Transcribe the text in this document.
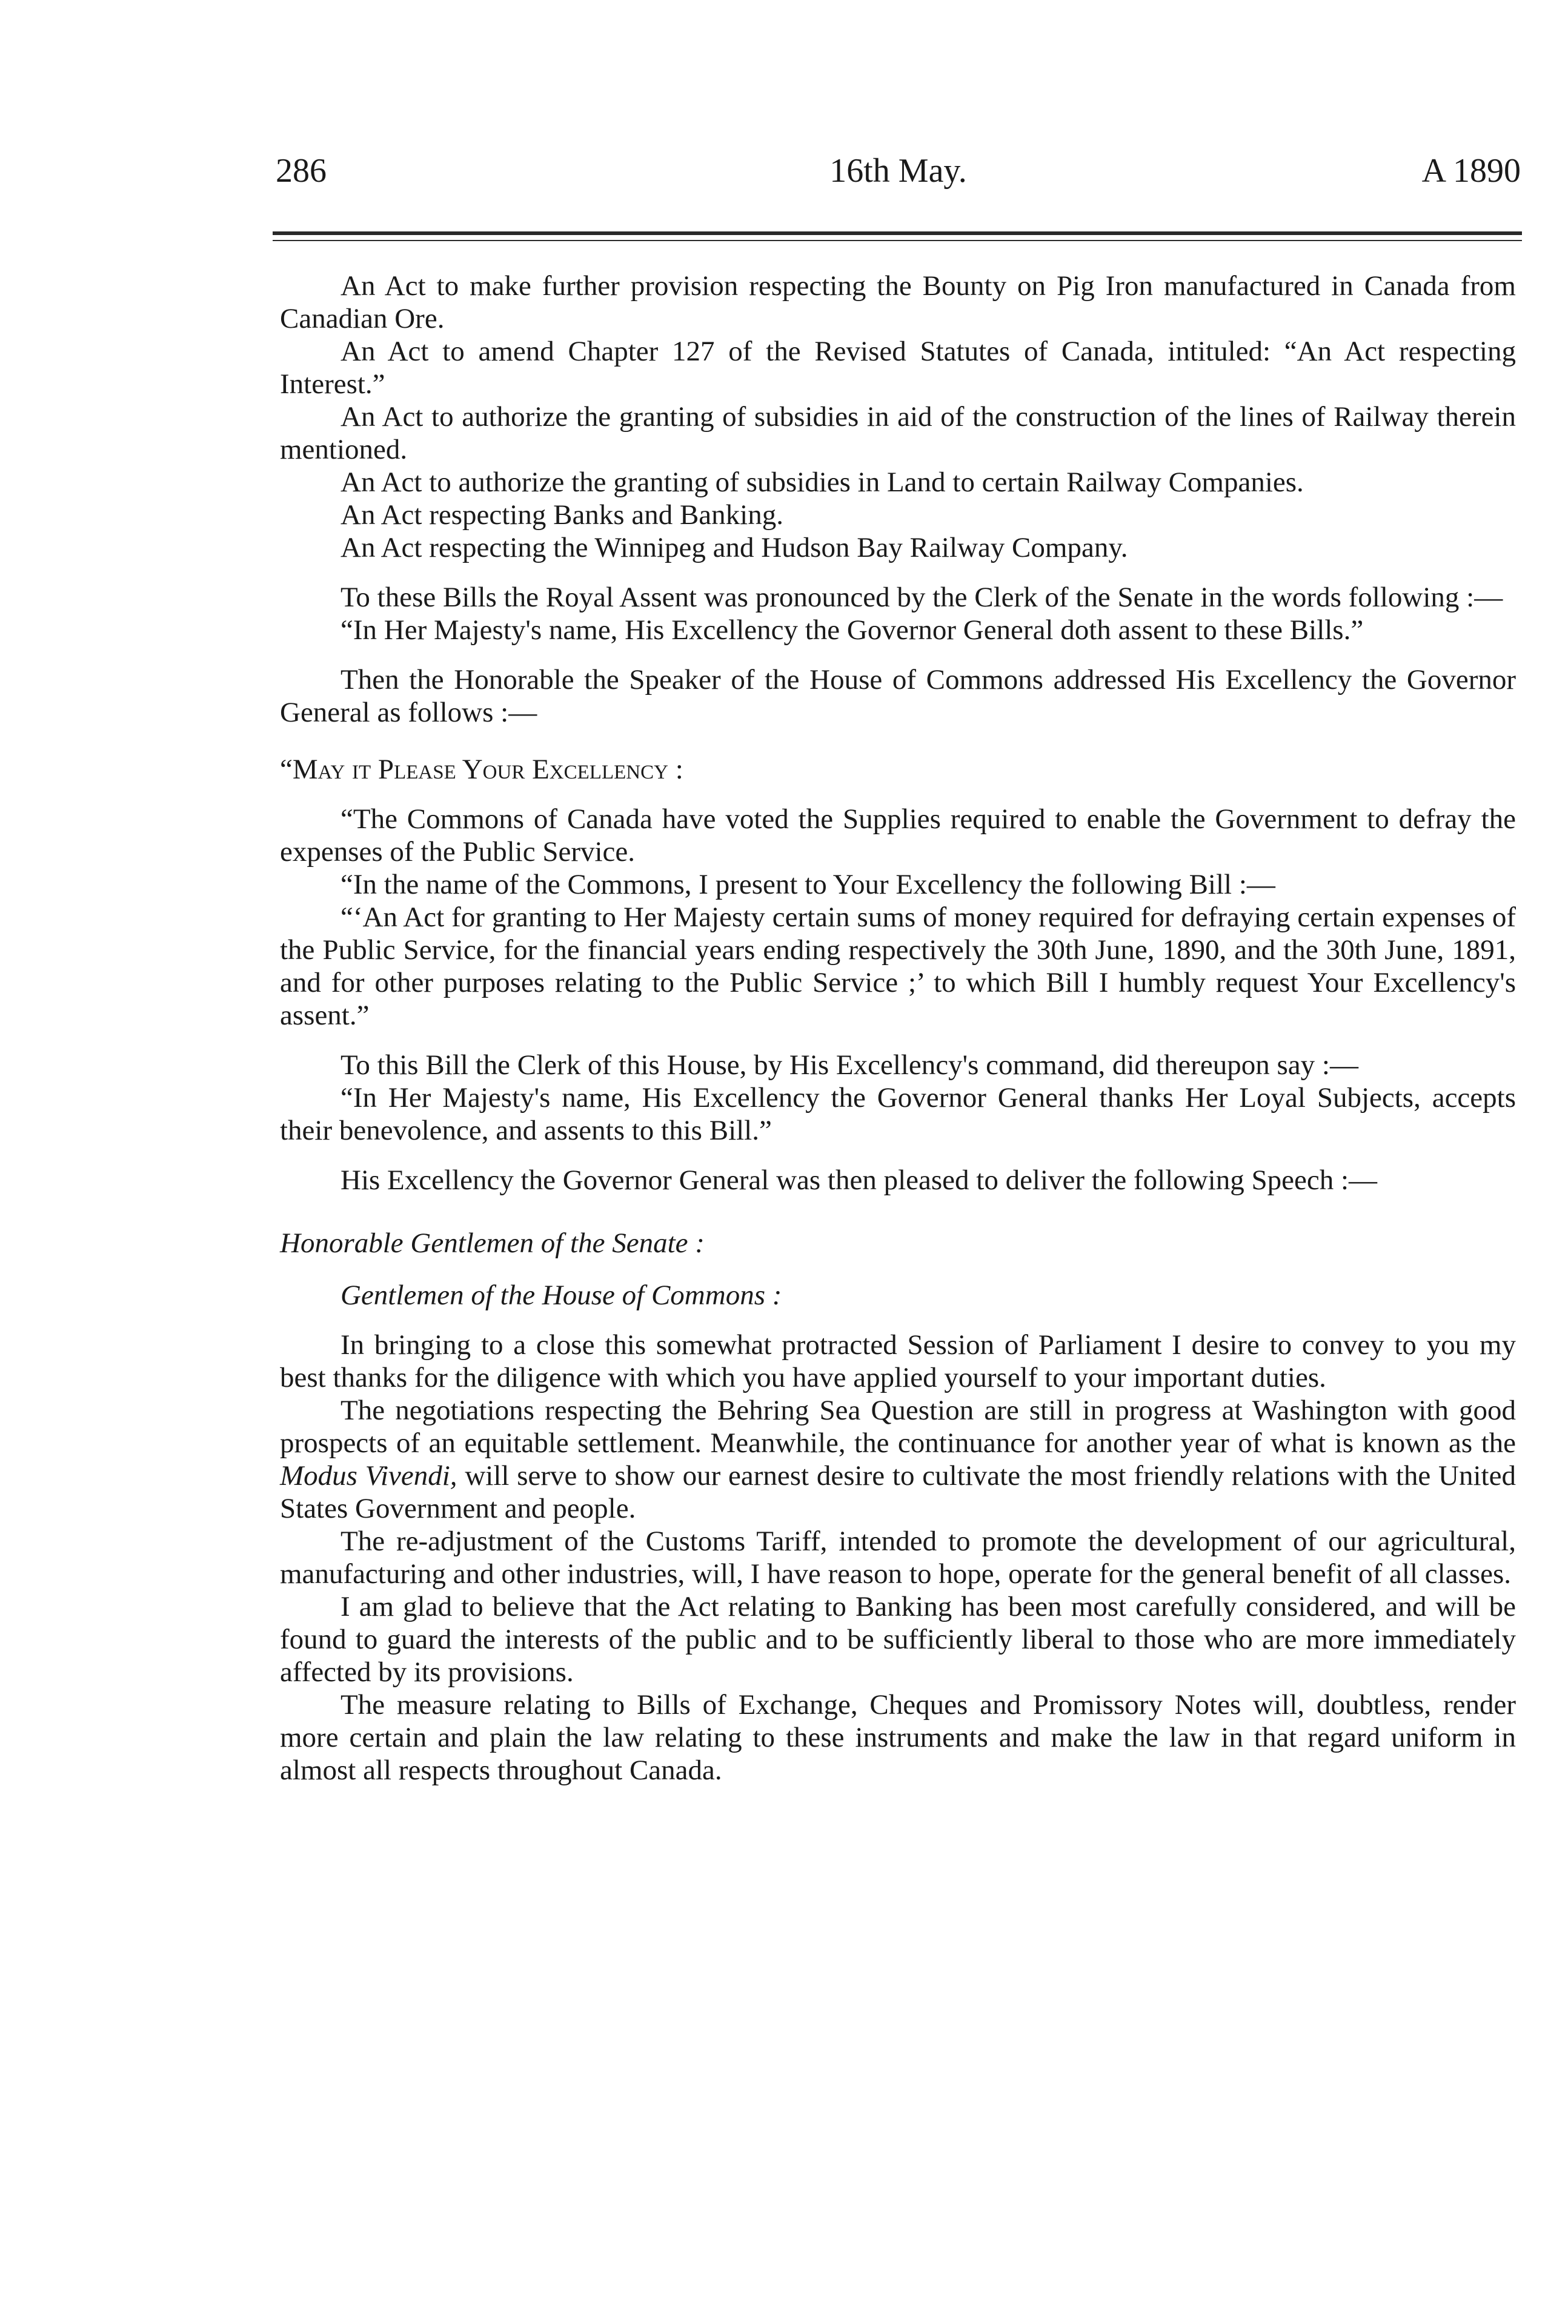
286	16th May.	A 1890

An Act to make further provision respecting the Bounty on Pig Iron manufactured in Canada from Canadian Ore.

An Act to amend Chapter 127 of the Revised Statutes of Canada, intituled: “An Act respecting Interest.”

An Act to authorize the granting of subsidies in aid of the construction of the lines of Railway therein mentioned.

An Act to authorize the granting of subsidies in Land to certain Railway Companies.

An Act respecting Banks and Banking.

An Act respecting the Winnipeg and Hudson Bay Railway Company.

To these Bills the Royal Assent was pronounced by the Clerk of the Senate in the words following :—

“In Her Majesty's name, His Excellency the Governor General doth assent to these Bills.”

Then the Honorable the Speaker of the House of Commons addressed His Excellency the Governor General as follows :—

“May it Please Your Excellency :

“The Commons of Canada have voted the Supplies required to enable the Government to defray the expenses of the Public Service.

“In the name of the Commons, I present to Your Excellency the following Bill :—

“‘An Act for granting to Her Majesty certain sums of money required for defraying certain expenses of the Public Service, for the financial years ending respectively the 30th June, 1890, and the 30th June, 1891, and for other purposes relating to the Public Service ;’ to which Bill I humbly request Your Excellency's assent.”

To this Bill the Clerk of this House, by His Excellency's command, did thereupon say :—

“In Her Majesty's name, His Excellency the Governor General thanks Her Loyal Subjects, accepts their benevolence, and assents to this Bill.”

His Excellency the Governor General was then pleased to deliver the following Speech :—

Honorable Gentlemen of the Senate :

Gentlemen of the House of Commons :

In bringing to a close this somewhat protracted Session of Parliament I desire to convey to you my best thanks for the diligence with which you have applied yourself to your important duties.

The negotiations respecting the Behring Sea Question are still in progress at Washington with good prospects of an equitable settlement. Meanwhile, the continuance for another year of what is known as the Modus Vivendi, will serve to show our earnest desire to cultivate the most friendly relations with the United States Government and people.

The re-adjustment of the Customs Tariff, intended to promote the development of our agricultural, manufacturing and other industries, will, I have reason to hope, operate for the general benefit of all classes.

I am glad to believe that the Act relating to Banking has been most carefully considered, and will be found to guard the interests of the public and to be sufficiently liberal to those who are more immediately affected by its provisions.

The measure relating to Bills of Exchange, Cheques and Promissory Notes will, doubtless, render more certain and plain the law relating to these instruments and make the law in that regard uniform in almost all respects throughout Canada.
